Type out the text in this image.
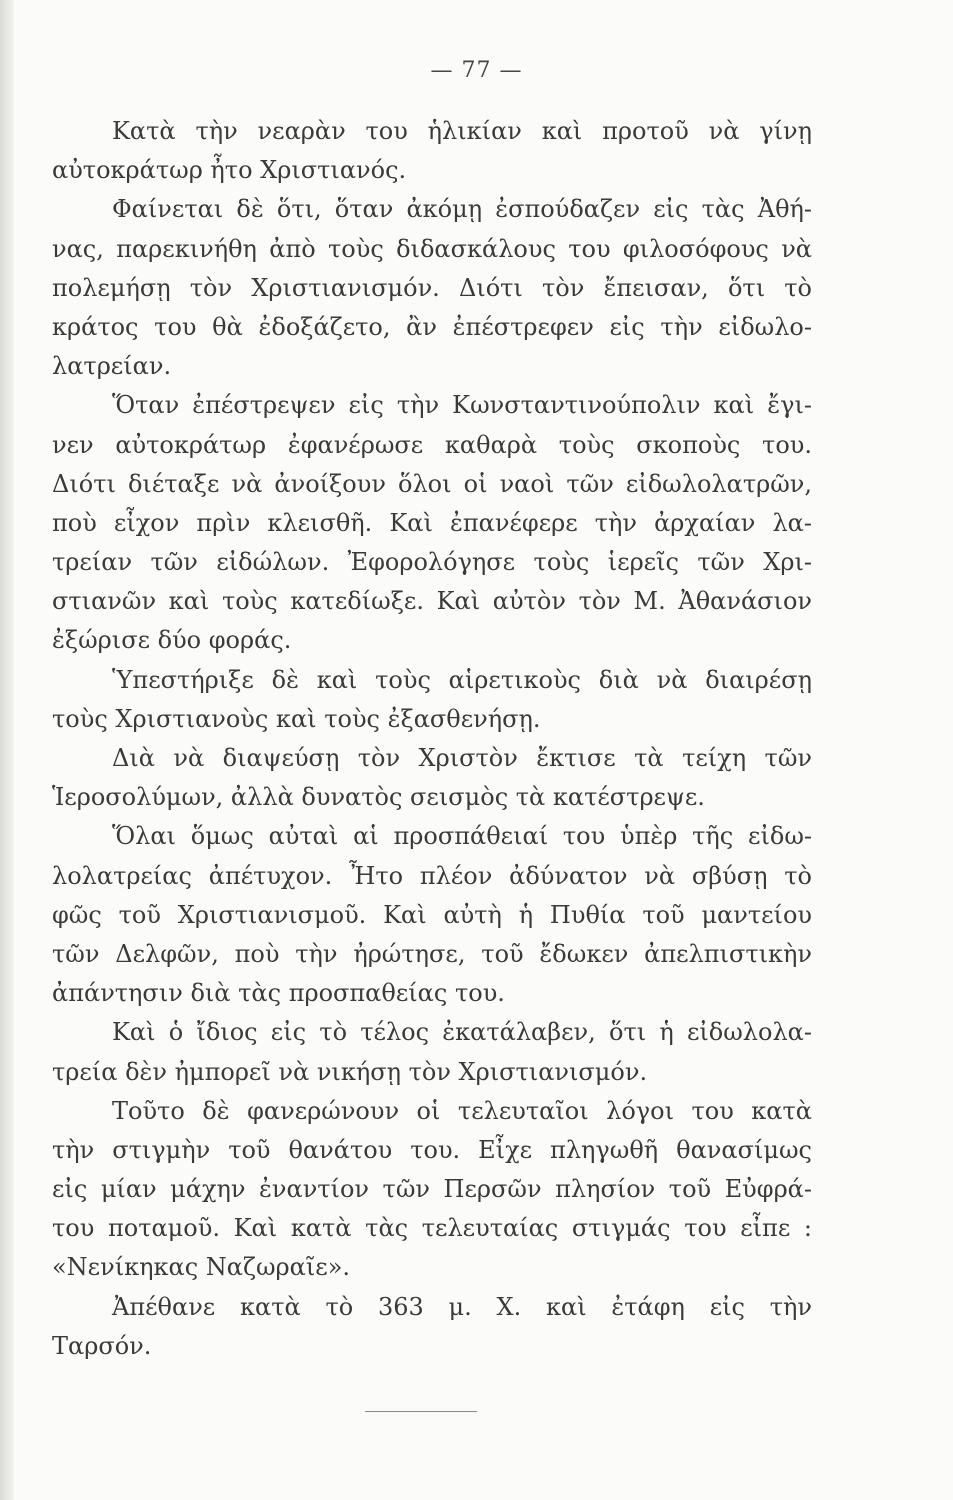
— 77 —
Κατὰ τὴν νεαρὰν του ἡλικίαν καὶ προτοῦ νὰ γίνῃ
αὐτοκράτωρ ἦτο Χριστιανός.
Φαίνεται δὲ ὅτι, ὅταν ἀκόμῃ ἐσπούδαζεν εἰς τὰς Ἀθή-
νας, παρεκινήθη ἀπὸ τοὺς διδασκάλους του φιλοσόφους νὰ
πολεμήσῃ τὸν Χριστιανισμόν. Διότι τὸν ἔπεισαν, ὅτι τὸ
κράτος του θὰ ἐδοξάζετο, ἂν ἐπέστρεφεν εἰς τὴν εἰδωλο-
λατρείαν.
Ὅταν ἐπέστρεψεν εἰς τὴν Κωνσταντινούπολιν καὶ ἔγι-
νεν αὐτοκράτωρ ἐφανέρωσε καθαρὰ τοὺς σκοποὺς του.
Διότι διέταξε νὰ ἀνοίξουν ὅλοι οἱ ναοὶ τῶν εἰδωλολατρῶν,
ποὺ εἶχον πρὶν κλεισθῆ. Καὶ ἐπανέφερε τὴν ἀρχαίαν λα-
τρείαν τῶν εἰδώλων. Ἐφορολόγησε τοὺς ἱερεῖς τῶν Χρι-
στιανῶν καὶ τοὺς κατεδίωξε. Καὶ αὐτὸν τὸν Μ. Ἀθανάσιον
ἐξώρισε δύο φοράς.
Ὑπεστήριξε δὲ καὶ τοὺς αἱρετικοὺς διὰ νὰ διαιρέσῃ
τοὺς Χριστιανοὺς καὶ τοὺς ἐξασθενήσῃ.
Διὰ νὰ διαψεύσῃ τὸν Χριστὸν ἔκτισε τὰ τείχη τῶν
Ἱεροσολύμων, ἀλλὰ δυνατὸς σεισμὸς τὰ κατέστρεψε.
Ὅλαι ὅμως αὐταὶ αἱ προσπάθειαί του ὑπὲρ τῆς εἰδω-
λολατρείας ἀπέτυχον. Ἦτο πλέον ἀδύνατον νὰ σβύσῃ τὸ
φῶς τοῦ Χριστιανισμοῦ. Καὶ αὐτὴ ἡ Πυθία τοῦ μαντείου
τῶν Δελφῶν, ποὺ τὴν ἠρώτησε, τοῦ ἔδωκεν ἀπελπιστικὴν
ἀπάντησιν διὰ τὰς προσπαθείας του.
Καὶ ὁ ἴδιος εἰς τὸ τέλος ἐκατάλαβεν, ὅτι ἡ εἰδωλολα-
τρεία δὲν ἠμπορεῖ νὰ νικήσῃ τὸν Χριστιανισμόν.
Τοῦτο δὲ φανερώνουν οἱ τελευταῖοι λόγοι του κατὰ
τὴν στιγμὴν τοῦ θανάτου του. Εἶχε πληγωθῆ θανασίμως
εἰς μίαν μάχην ἐναντίον τῶν Περσῶν πλησίον τοῦ Εὐφρά-
του ποταμοῦ. Καὶ κατὰ τὰς τελευταίας στιγμάς του εἶπε :
«Νενίκηκας Ναζωραῖε».
Ἀπέθανε κατὰ τὸ 363 μ. Χ. καὶ ἐτάφη εἰς τὴν
Ταρσόν.
